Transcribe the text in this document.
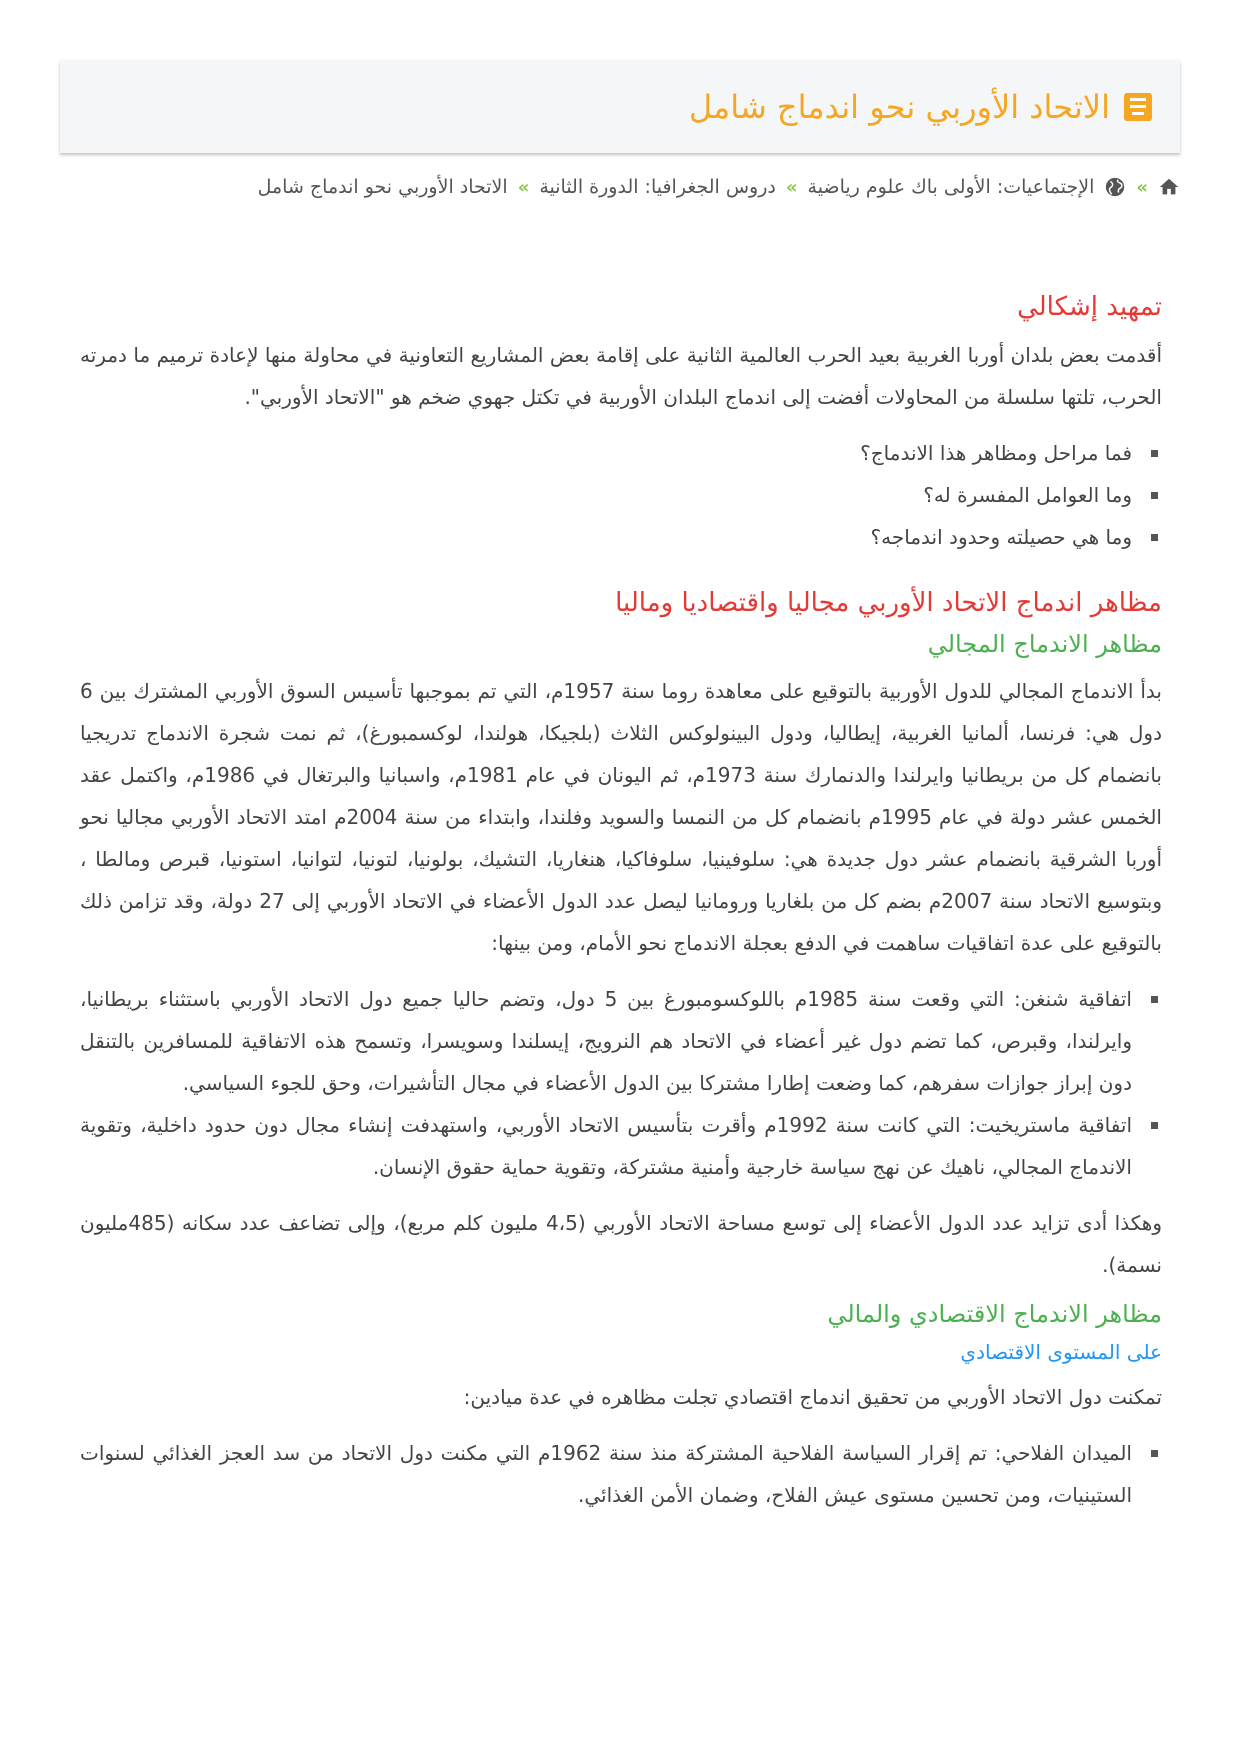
الاتحاد الأوربي نحو اندماج شامل
»
الإجتماعيات: الأولى باك علوم رياضية
»
دروس الجغرافيا: الدورة الثانية
»
الاتحاد الأوربي نحو اندماج شامل
تمهيد إشكالي

أقدمت بعض بلدان أوربا الغربية بعيد الحرب العالمية الثانية على إقامة بعض المشاريع التعاونية في محاولة منها لإعادة ترميم ما دمرته الحرب، تلتها سلسلة من المحاولات أفضت إلى اندماج البلدان الأوربية في تكتل جهوي ضخم هو "الاتحاد الأوربي".

فما مراحل ومظاهر هذا الاندماج؟
وما العوامل المفسرة له؟
وما هي حصيلته وحدود اندماجه؟
مظاهر اندماج الاتحاد الأوربي مجاليا واقتصاديا وماليا
مظاهر الاندماج المجالي

بدأ الاندماج المجالي للدول الأوربية بالتوقيع على معاهدة روما سنة 1957م، التي تم بموجبها تأسيس السوق الأوربي المشترك بين 6 دول هي: فرنسا، ألمانيا الغربية، إيطاليا، ودول البينولوكس الثلاث (بلجيكا، هولندا، لوكسمبورغ)، ثم نمت شجرة الاندماج تدريجيا بانضمام كل من بريطانيا وايرلندا والدنمارك سنة 1973م، ثم اليونان في عام 1981م، واسبانيا والبرتغال في 1986م، واكتمل عقد الخمس عشر دولة في عام 1995م بانضمام كل من النمسا والسويد وفلندا، وابتداء من سنة 2004م امتد الاتحاد الأوربي مجاليا نحو أوربا الشرقية بانضمام عشر دول جديدة هي: سلوفينيا، سلوفاكيا، هنغاريا، التشيك، بولونيا، لتونيا، لتوانيا، استونيا، قبرص ومالطا ، وبتوسيع الاتحاد سنة 2007م بضم كل من بلغاريا ورومانيا ليصل عدد الدول الأعضاء في الاتحاد الأوربي إلى 27 دولة، وقد تزامن ذلك بالتوقيع على عدة اتفاقيات ساهمت في الدفع بعجلة الاندماج نحو الأمام، ومن بينها:

اتفاقية شنغن: التي وقعت سنة 1985م باللوكسومبورغ بين 5 دول، وتضم حاليا جميع دول الاتحاد الأوربي باستثناء بريطانيا، وايرلندا، وقبرص، كما تضم دول غير أعضاء في الاتحاد هم النرويج، إيسلندا وسويسرا، وتسمح هذه الاتفاقية للمسافرين بالتنقل دون إبراز جوازات سفرهم، كما وضعت إطارا مشتركا بين الدول الأعضاء في مجال التأشيرات، وحق للجوء السياسي.
اتفاقية ماستريخيت: التي كانت سنة 1992م وأقرت بتأسيس الاتحاد الأوربي، واستهدفت إنشاء مجال دون حدود داخلية، وتقوية الاندماج المجالي، ناهيك عن نهج سياسة خارجية وأمنية مشتركة، وتقوية حماية حقوق الإنسان.

وهكذا أدى تزايد عدد الدول الأعضاء إلى توسع مساحة الاتحاد الأوربي (4،5 مليون كلم مربع)، وإلى تضاعف عدد سكانه (485مليون نسمة).

مظاهر الاندماج الاقتصادي والمالي
على المستوى الاقتصادي

تمكنت دول الاتحاد الأوربي من تحقيق اندماج اقتصادي تجلت مظاهره في عدة ميادين:

الميدان الفلاحي: تم إقرار السياسة الفلاحية المشتركة منذ سنة 1962م التي مكنت دول الاتحاد من سد العجز الغذائي لسنوات الستينيات، ومن تحسين مستوى عيش الفلاح، وضمان الأمن الغذائي.
